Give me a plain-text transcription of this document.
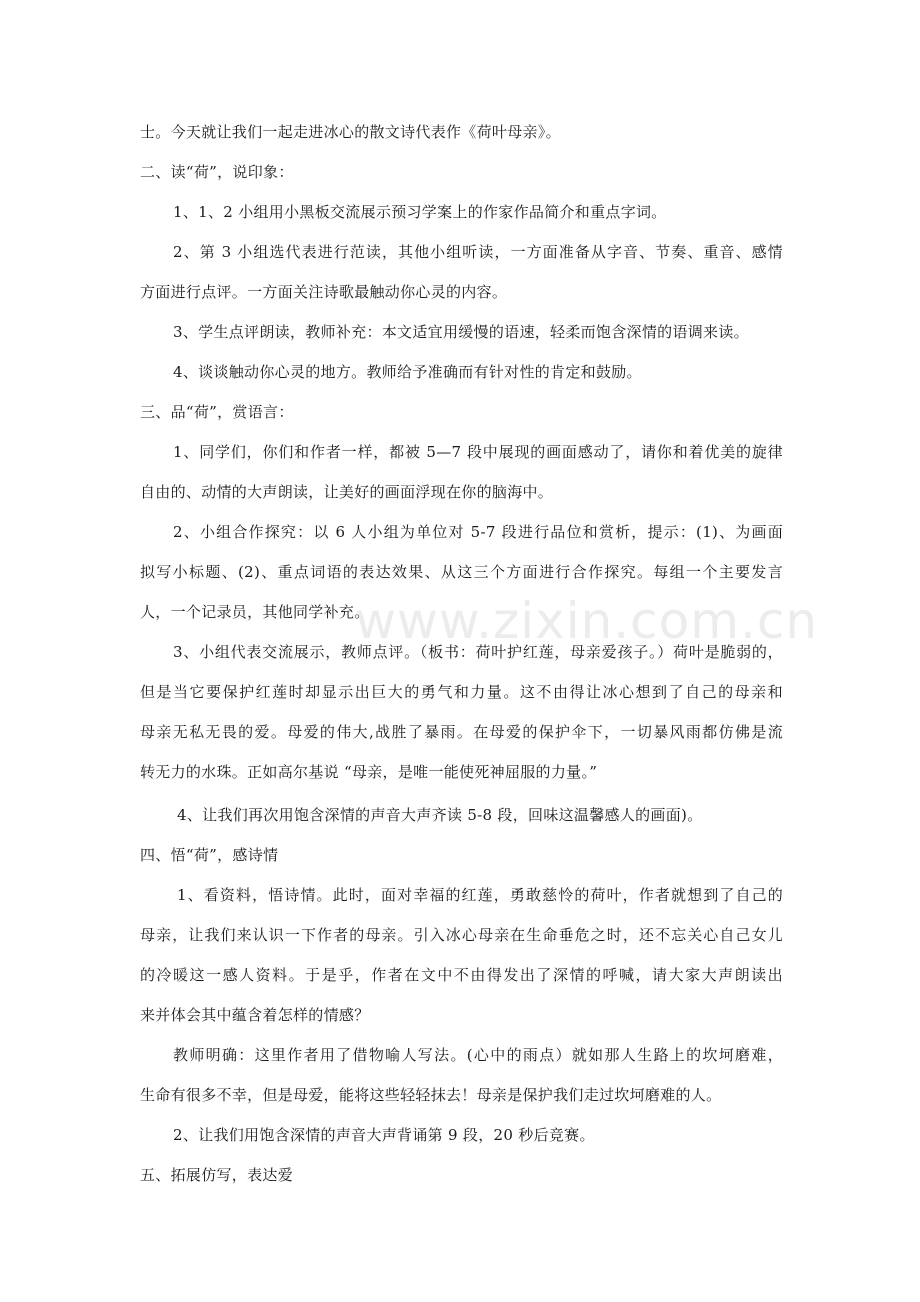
www.zixin.com.cn
士。今天就让我们一起走进冰心的散文诗代表作《荷叶母亲》。
二、读“荷”，说印象：
1、1、2 小组用小黑板交流展示预习学案上的作家作品简介和重点字词。
2、第 3 小组选代表进行范读，其他小组听读，一方面准备从字音、节奏、重音、感情
方面进行点评。一方面关注诗歌最触动你心灵的内容。
3、学生点评朗读，教师补充：本文适宜用缓慢的语速，轻柔而饱含深情的语调来读。
4、谈谈触动你心灵的地方。教师给予准确而有针对性的肯定和鼓励。
三、品“荷”，赏语言：
1、同学们，你们和作者一样，都被 5—7 段中展现的画面感动了，请你和着优美的旋律
自由的、动情的大声朗读，让美好的画面浮现在你的脑海中。
2、小组合作探究：以 6 人小组为单位对 5-7 段进行品位和赏析，提示：(1)、为画面
拟写小标题、(2)、重点词语的表达效果、从这三个方面进行合作探究。每组一个主要发言
人，一个记录员，其他同学补充。
3、小组代表交流展示，教师点评。（板书：荷叶护红莲，母亲爱孩子。）荷叶是脆弱的，
但是当它要保护红莲时却显示出巨大的勇气和力量。这不由得让冰心想到了自己的母亲和
母亲无私无畏的爱。母爱的伟大,战胜了暴雨。在母爱的保护伞下，一切暴风雨都仿佛是流
转无力的水珠。正如高尔基说 “母亲，是唯一能使死神屈服的力量。”
4、让我们再次用饱含深情的声音大声齐读 5-8 段，回味这温馨感人的画面)。
四、悟“荷”，感诗情
1、看资料，悟诗情。此时，面对幸福的红莲，勇敢慈怜的荷叶，作者就想到了自己的
母亲，让我们来认识一下作者的母亲。引入冰心母亲在生命垂危之时，还不忘关心自己女儿
的冷暖这一感人资料。于是乎，作者在文中不由得发出了深情的呼喊，请大家大声朗读出
来并体会其中蕴含着怎样的情感？
教师明确：这里作者用了借物喻人写法。(心中的雨点）就如那人生路上的坎坷磨难，
生命有很多不幸，但是母爱，能将这些轻轻抹去！母亲是保护我们走过坎坷磨难的人。
2、让我们用饱含深情的声音大声背诵第 9 段，20 秒后竞赛。
五、拓展仿写，表达爱
